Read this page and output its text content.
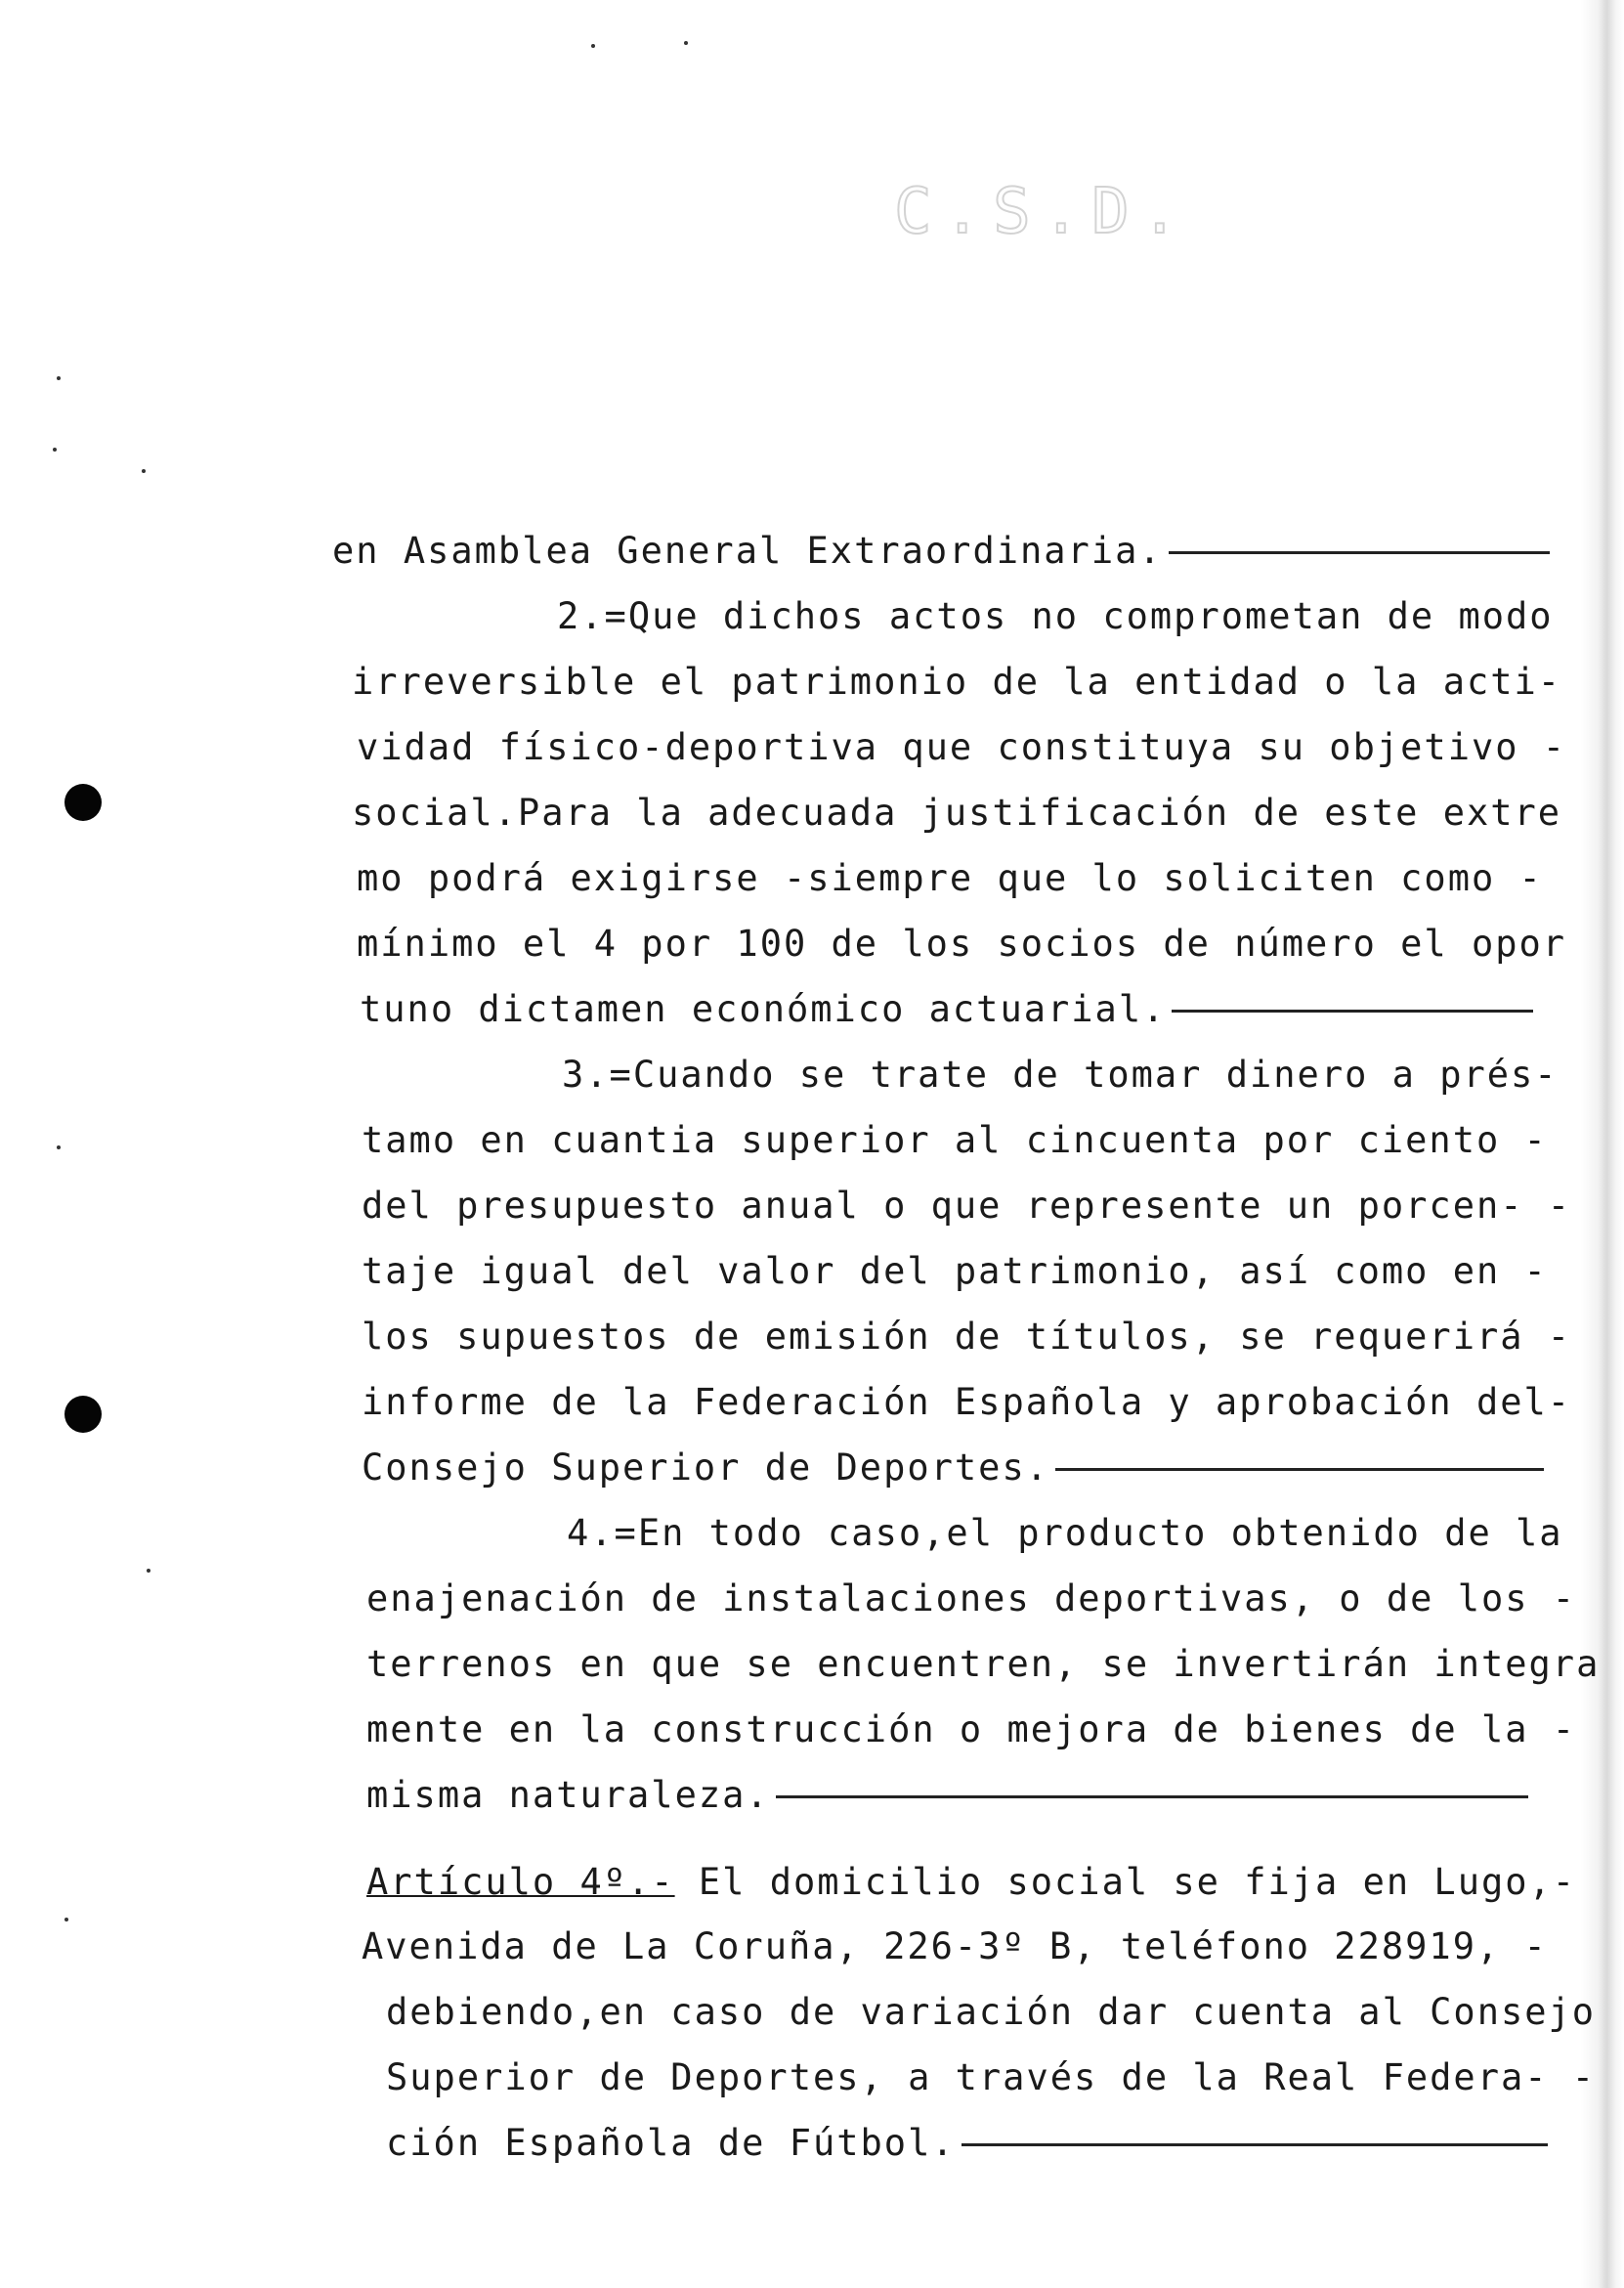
C.S.D.
en Asamblea General Extraordinaria.
2.=Que dichos actos no comprometan de modo
irreversible el patrimonio de la entidad o la acti-
vidad físico-deportiva que constituya su objetivo -
social.Para la adecuada justificación de este extre
mo podrá exigirse -siempre que lo soliciten como -
mínimo el 4 por 100 de los socios de número el opor
tuno dictamen económico actuarial.
3.=Cuando se trate de tomar dinero a prés-
tamo en cuantia superior al cincuenta por ciento -
del presupuesto anual o que represente un porcen- -
taje igual del valor del patrimonio, así como en -
los supuestos de emisión de títulos, se requerirá -
informe de la Federación Española y aprobación del-
Consejo Superior de Deportes.
4.=En todo caso,el producto obtenido de la
enajenación de instalaciones deportivas, o de los -
terrenos en que se encuentren, se invertirán integra
mente en la construcción o mejora de bienes de la -
misma naturaleza.
Artículo 4º.- El domicilio social se fija en Lugo,-
Avenida de La Coruña, 226-3º B, teléfono 228919, -
debiendo,en caso de variación dar cuenta al Consejo
Superior de Deportes, a través de la Real Federa- -
ción Española de Fútbol.
